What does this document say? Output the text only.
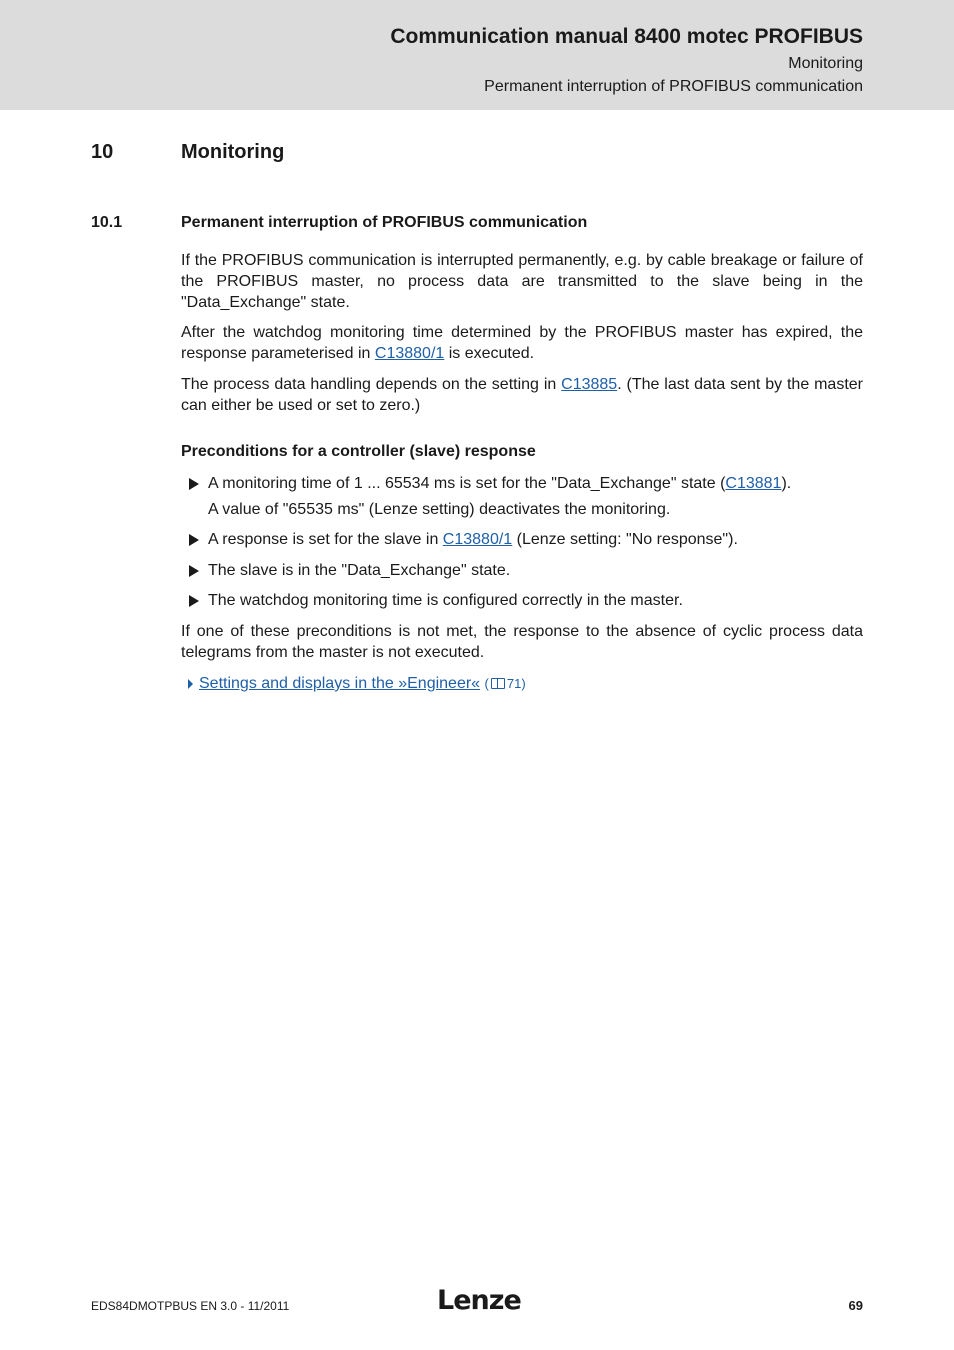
Communication manual 8400 motec PROFIBUS
Monitoring
Permanent interruption of PROFIBUS communication
10	Monitoring
10.1	Permanent interruption of PROFIBUS communication

If the PROFIBUS communication is interrupted permanently, e.g. by cable breakage or failure of the PROFIBUS master, no process data are transmitted to the slave being in the "Data_Exchange" state.

After the watchdog monitoring time determined by the PROFIBUS master has expired, the response parameterised in C13880/1 is executed.

The process data handling depends on the setting in C13885. (The last data sent by the master can either be used or set to zero.)

Preconditions for a controller (slave) response
A monitoring time of 1 ... 65534 ms is set for the "Data_Exchange" state (C13881).
A value of "65535 ms" (Lenze setting) deactivates the monitoring.
A response is set for the slave in C13880/1 (Lenze setting: "No response").
The slave is in the "Data_Exchange" state.
The watchdog monitoring time is configured correctly in the master.

If one of these preconditions is not met, the response to the absence of cyclic process data telegrams from the master is not executed.

Settings and displays in the »Engineer« ( 71)
EDS84DMOTPBUS EN 3.0 - 11/2011	Lenze	69
